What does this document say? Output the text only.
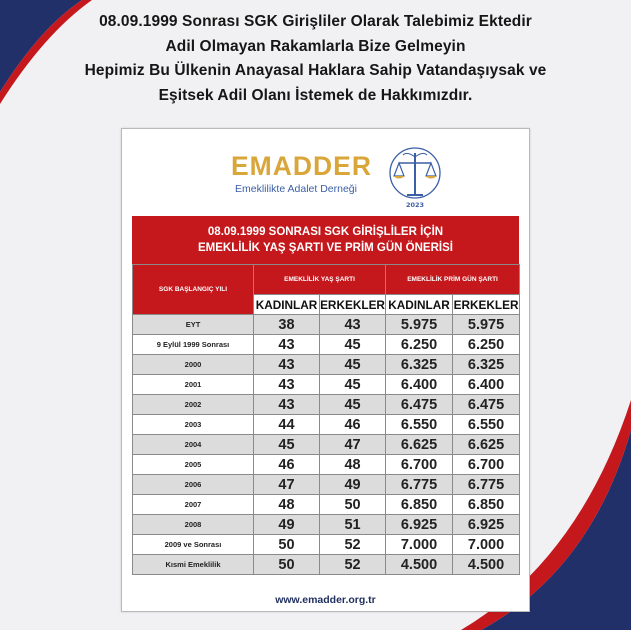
08.09.1999 Sonrası SGK Girişliler Olarak Talebimiz Ektedir
Adil Olmayan Rakamlarla Bize Gelmeyin
Hepimiz Bu Ülkenin Anayasal Haklara Sahip Vatandaşıysak ve
Eşitsek Adil Olanı İstemek de Hakkımızdır.
EMADDER
Emeklilikte Adalet Derneği
2023
08.09.1999 SONRASI SGK GİRİŞLİLER İÇİN
EMEKLİLİK YAŞ ŞARTI VE PRİM GÜN ÖNERİSİ
SGK BAŞLANGIÇ YILI	EMEKLİLİK YAŞ ŞARTI		EMEKLİLİK PRİM GÜN ŞARTI	
	KADINLAR	ERKEKLER	KADINLAR	ERKEKLER
EYT	38	43	5.975	5.975
9 Eylül 1999 Sonrası	43	45	6.250	6.250
2000	43	45	6.325	6.325
2001	43	45	6.400	6.400
2002	43	45	6.475	6.475
2003	44	46	6.550	6.550
2004	45	47	6.625	6.625
2005	46	48	6.700	6.700
2006	47	49	6.775	6.775
2007	48	50	6.850	6.850
2008	49	51	6.925	6.925
2009 ve Sonrası	50	52	7.000	7.000
Kısmi Emeklilik	50	52	4.500	4.500
www.emadder.org.tr
